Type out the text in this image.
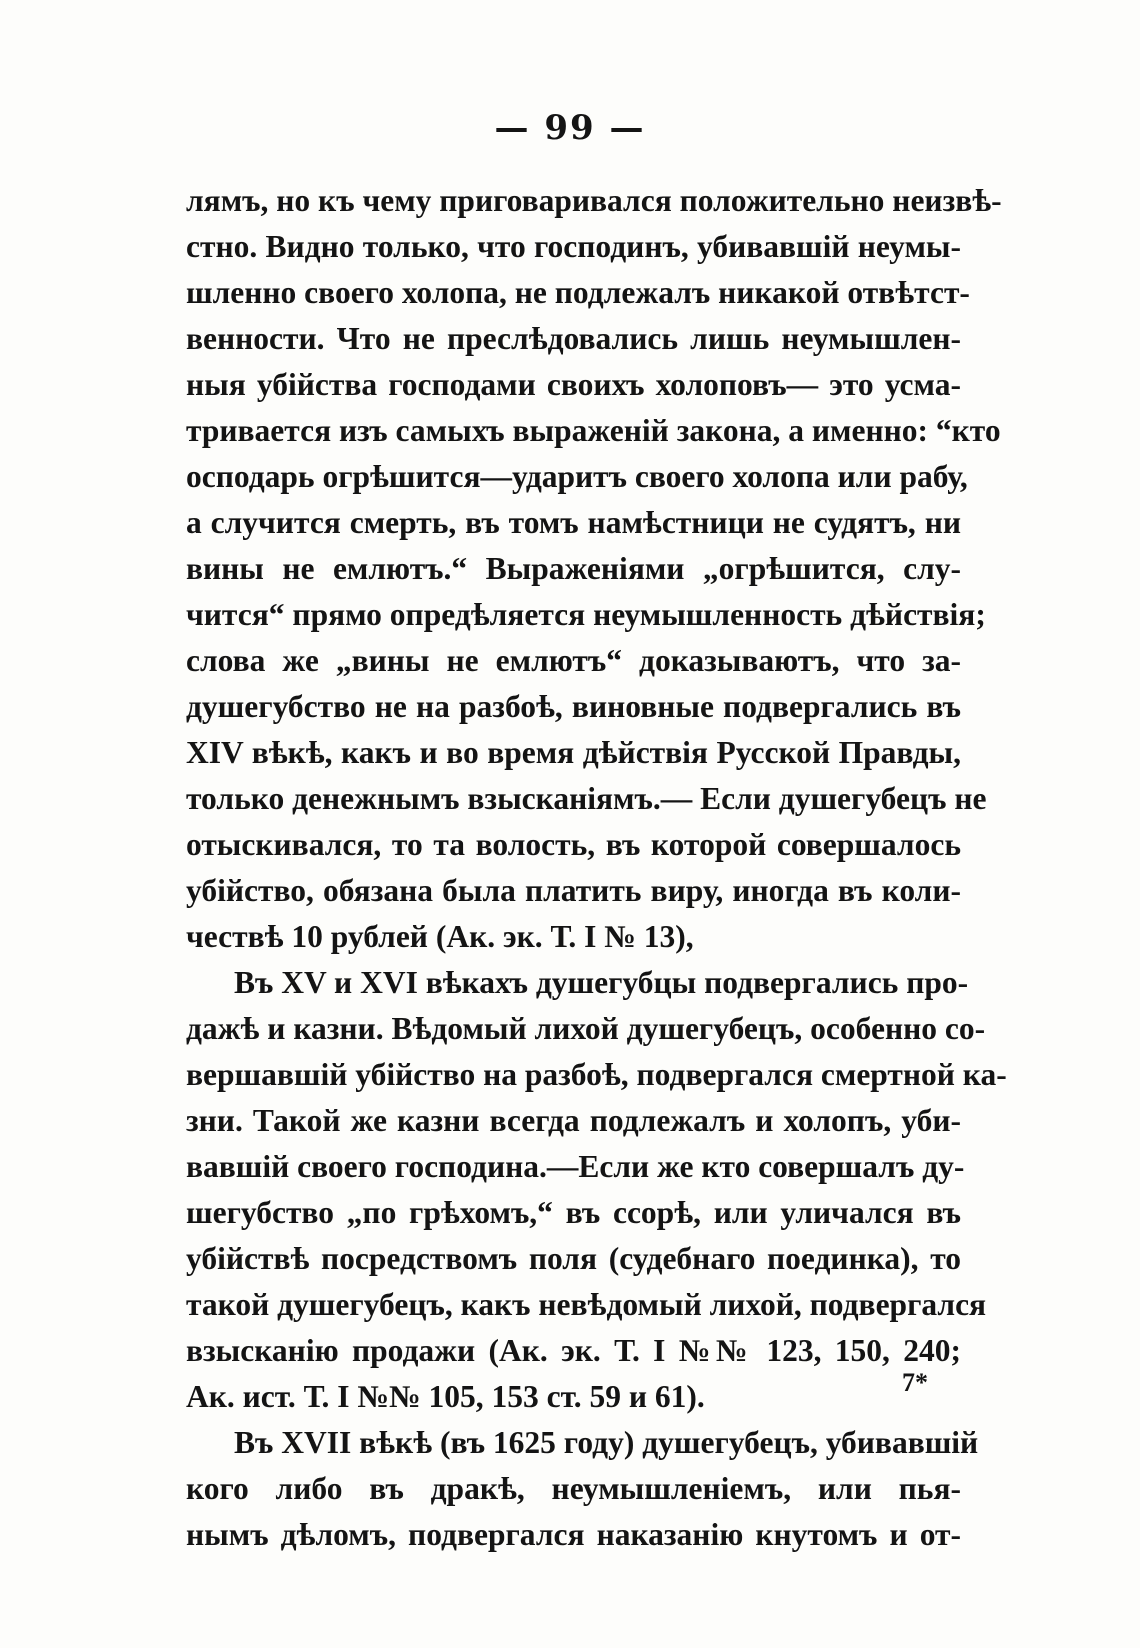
— 99 —
лямъ, но къ чему приговаривался положительно неизвѣ-
стно. Видно только, что господинъ, убивавшій неумы-
шленно своего холопа, не подлежалъ никакой отвѣтст-
венности. Что не преслѣдовались лишь неумышлен-
ныя убійства господами своихъ холоповъ— это усма-
тривается изъ самыхъ выраженій закона, а именно: “кто
осподарь огрѣшится—ударитъ своего холопа или рабу,
а случится смерть, въ томъ намѣстници не судятъ, ни
вины не емлютъ.“ Выраженіями „огрѣшится, слу-
чится“ прямо опредѣляется неумышленность дѣйствія;
слова же „вины не емлютъ“ доказываютъ, что за-
душегубство не на разбоѣ, виновные подвергались въ
XIV вѣкѣ, какъ и во время дѣйствія Русской Правды,
только денежнымъ взысканіямъ.— Если душегубецъ не
отыскивался, то та волость, въ которой совершалось
убійство, обязана была платить виру, иногда въ коли-
чествѣ 10 рублей (Ак. эк. Т. I № 13),
Въ XV и XVI вѣкахъ душегубцы подвергались про-
дажѣ и казни. Вѣдомый лихой душегубецъ, особенно со-
вершавшій убійство на разбоѣ, подвергался смертной ка-
зни. Такой же казни всегда подлежалъ и холопъ, уби-
вавшій своего господина.—Если же кто совершалъ ду-
шегубство „по грѣхомъ,“ въ ссорѣ, или уличался въ
убійствѣ посредствомъ поля (судебнаго поединка), то
такой душегубецъ, какъ невѣдомый лихой, подвергался
взысканію продажи (Ак. эк. Т. I №№ 123, 150, 240;
Ак. ист. Т. I №№ 105, 153 ст. 59 и 61).
Въ XVII вѣкѣ (въ 1625 году) душегубецъ, убивавшій
кого либо въ дракѣ, неумышленіемъ, или пья-
нымъ дѣломъ, подвергался наказанію кнутомъ и от-
7*
